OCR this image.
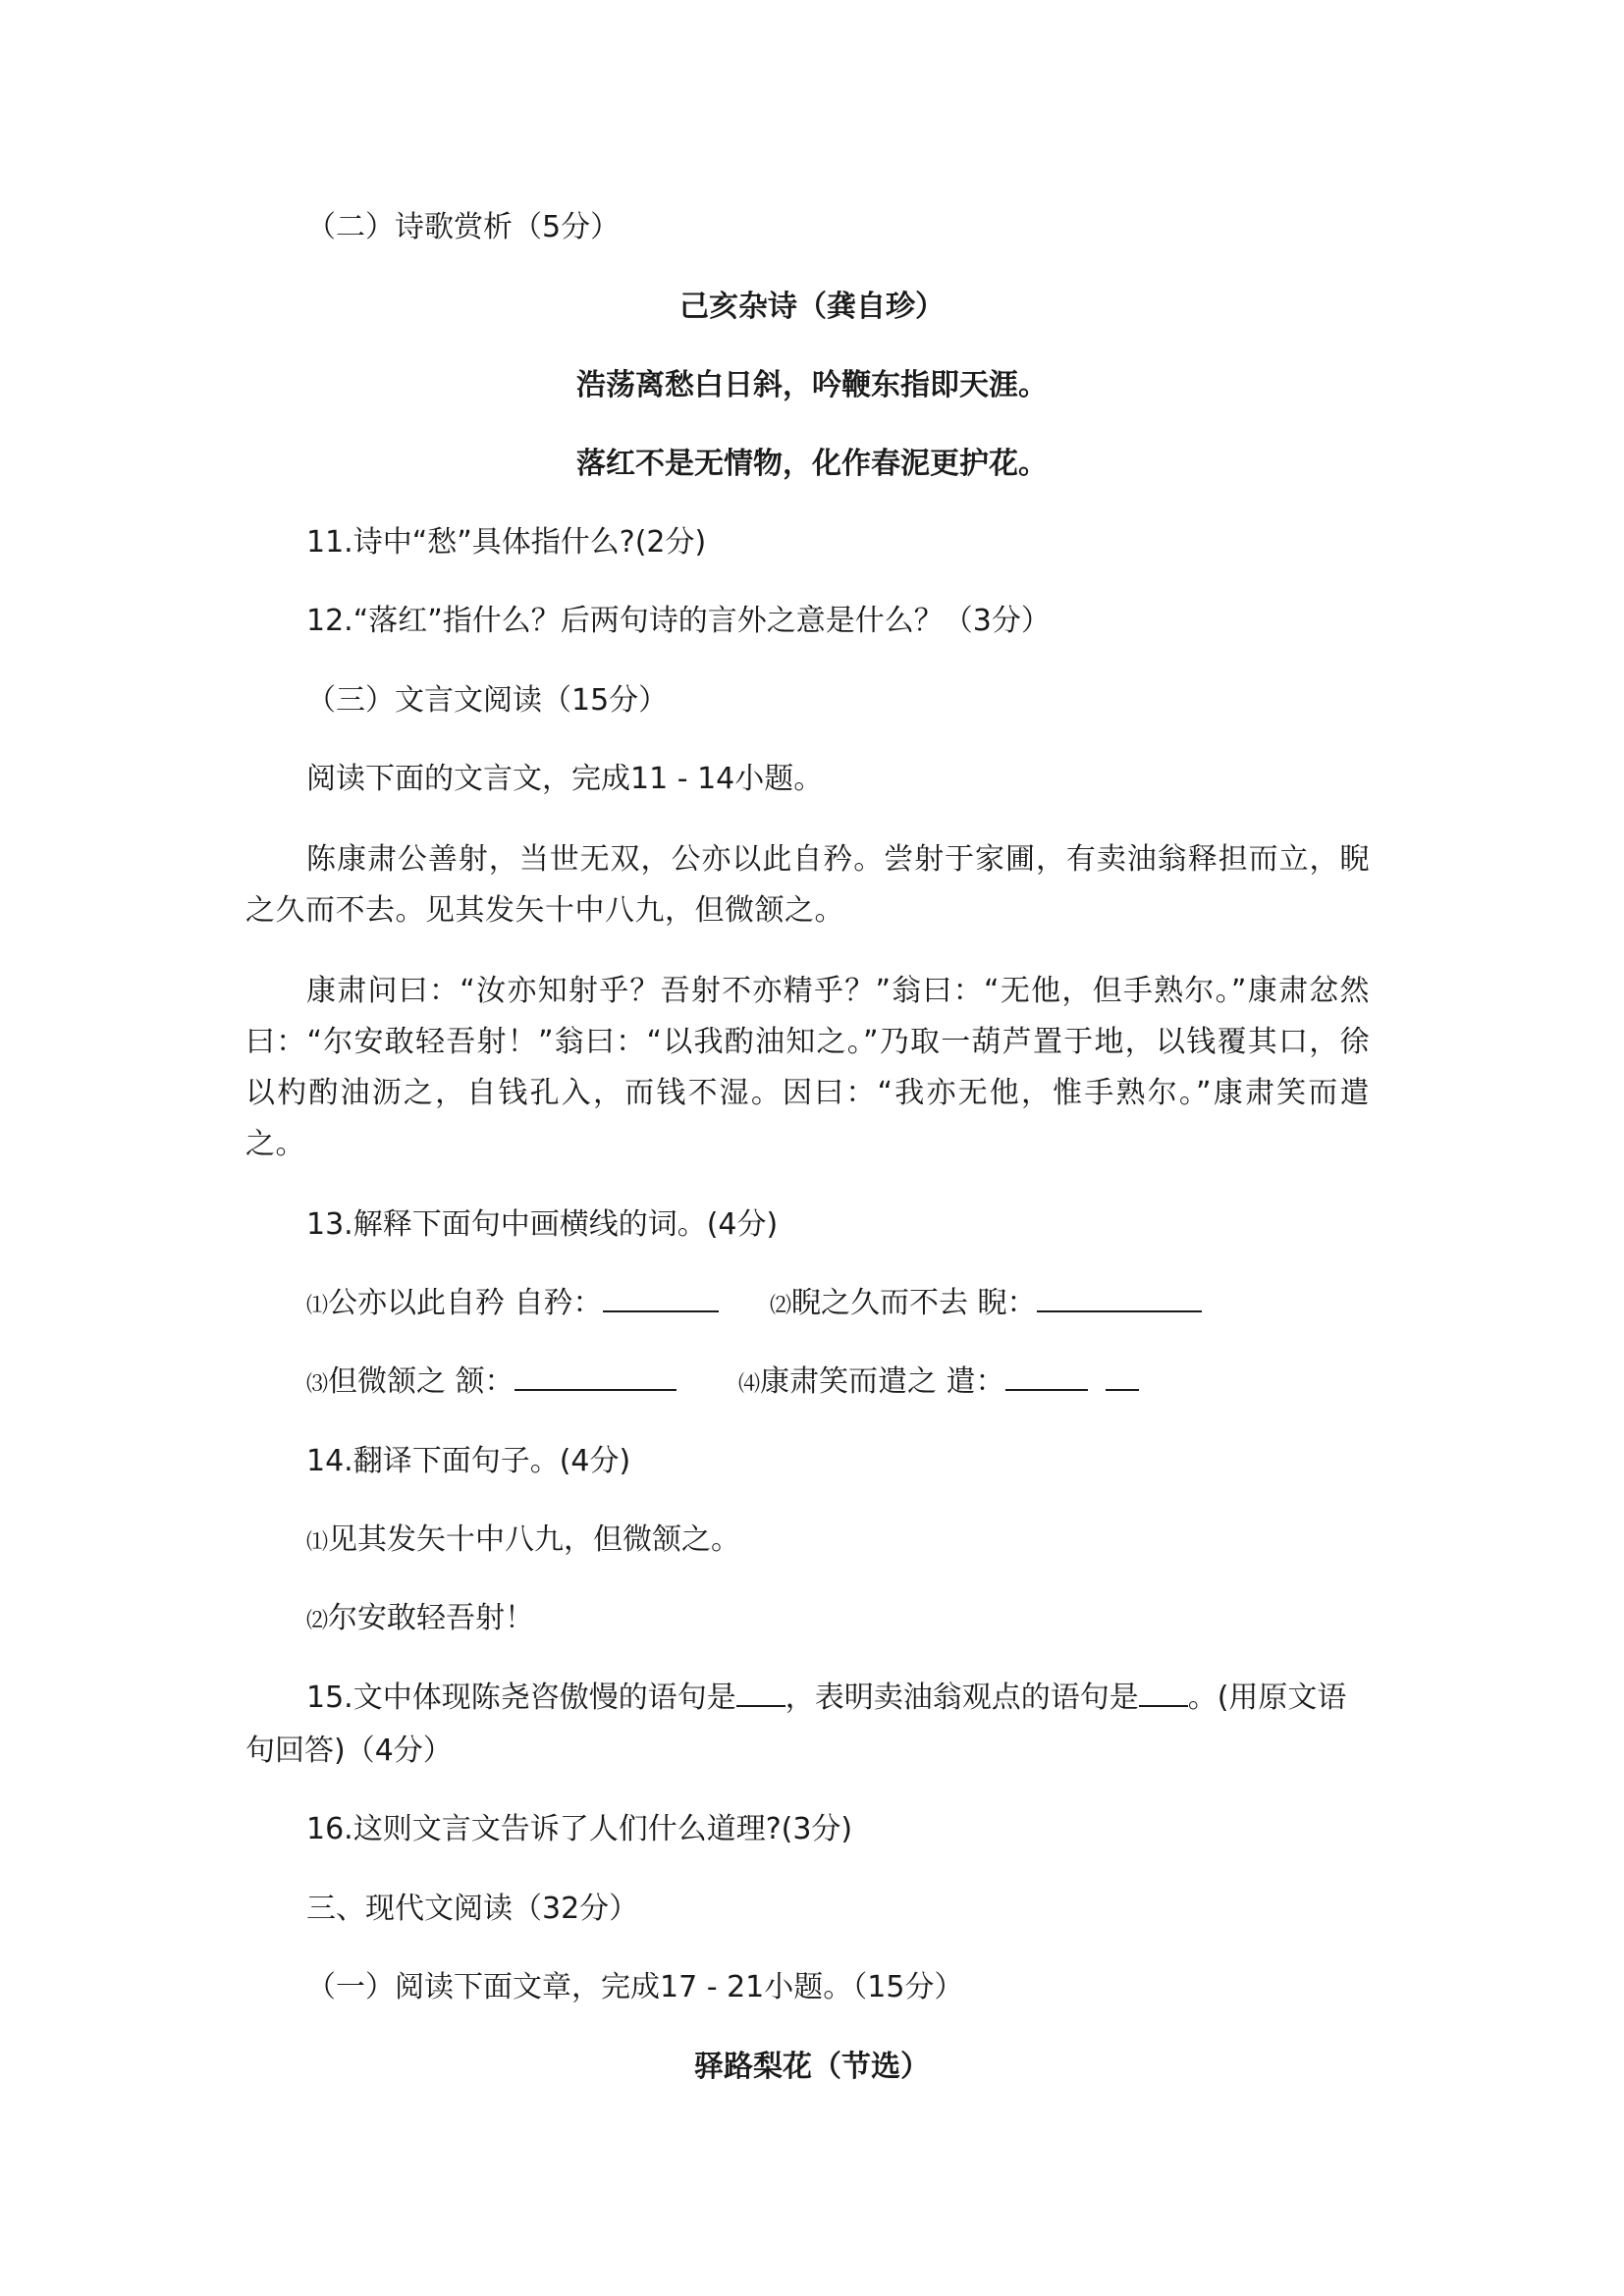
（二）诗歌赏析（5分）
己亥杂诗（龚自珍）
浩荡离愁白日斜，吟鞭东指即天涯。
落红不是无情物，化作春泥更护花。
11.诗中“愁”具体指什么?(2分)
12.“落红”指什么？后两句诗的言外之意是什么？（3分）
（三）文言文阅读（15分）
阅读下面的文言文，完成11 - 14小题。
陈康肃公善射，当世无双，公亦以此自矜。尝射于家圃，有卖油翁释担而立，睨之久而不去。见其发矢十中八九，但微颔之。
康肃问曰：“汝亦知射乎？吾射不亦精乎？”翁曰：“无他，但手熟尔。”康肃忿然曰：“尔安敢轻吾射！”翁曰：“以我酌油知之。”乃取一葫芦置于地，以钱覆其口，徐以杓酌油沥之，自钱孔入，而钱不湿。因曰：“我亦无他，惟手熟尔。”康肃笑而遣之。
13.解释下面句中画横线的词。(4分)
⑴公亦以此自矜 自矜：	⑵睨之久而不去 睨：
⑶但微颔之 颔：	⑷康肃笑而遣之 遣：
14.翻译下面句子。(4分)
⑴见其发矢十中八九，但微颔之。
⑵尔安敢轻吾射！
15.文中体现陈尧咨傲慢的语句是 ，表明卖油翁观点的语句是 。(用原文语
句回答)（4分）
16.这则文言文告诉了人们什么道理?(3分)
三、现代文阅读（32分）
（一）阅读下面文章，完成17 - 21小题。（15分）
驿路梨花（节选）
